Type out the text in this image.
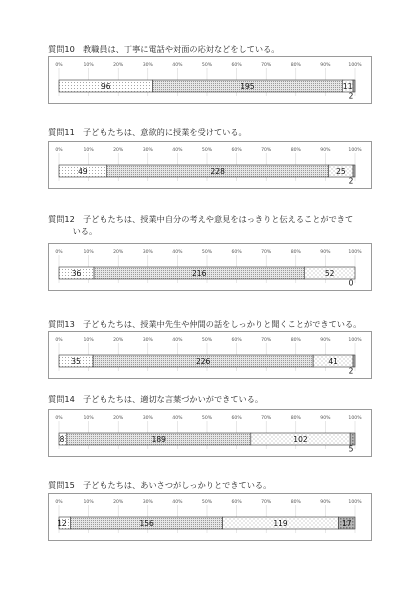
質問10　教職員は、丁寧に電話や対面の応対などをしている。
0%	10%	20%	30%	40%	50%	60%	70%	80%	90%	100%
96	195	11
2
質問11　子どもたちは、意欲的に授業を受けている。
0%	10%	20%	30%	40%	50%	60%	70%	80%	90%	100%
49	228	25
2
質問12　子どもたちは、授業中自分の考えや意見をはっきりと伝えることができて
　　　いる。
0%	10%	20%	30%	40%	50%	60%	70%	80%	90%	100%
36	216	52
0
質問13　子どもたちは、授業中先生や仲間の話をしっかりと聞くことができている。
0%	10%	20%	30%	40%	50%	60%	70%	80%	90%	100%
35	226	41
2
質問14　子どもたちは、適切な言葉づかいができている。
0%	10%	20%	30%	40%	50%	60%	70%	80%	90%	100%
8	189	102
5
質問15　子どもたちは、あいさつがしっかりとできている。
0%	10%	20%	30%	40%	50%	60%	70%	80%	90%	100%
12	156	119	17
